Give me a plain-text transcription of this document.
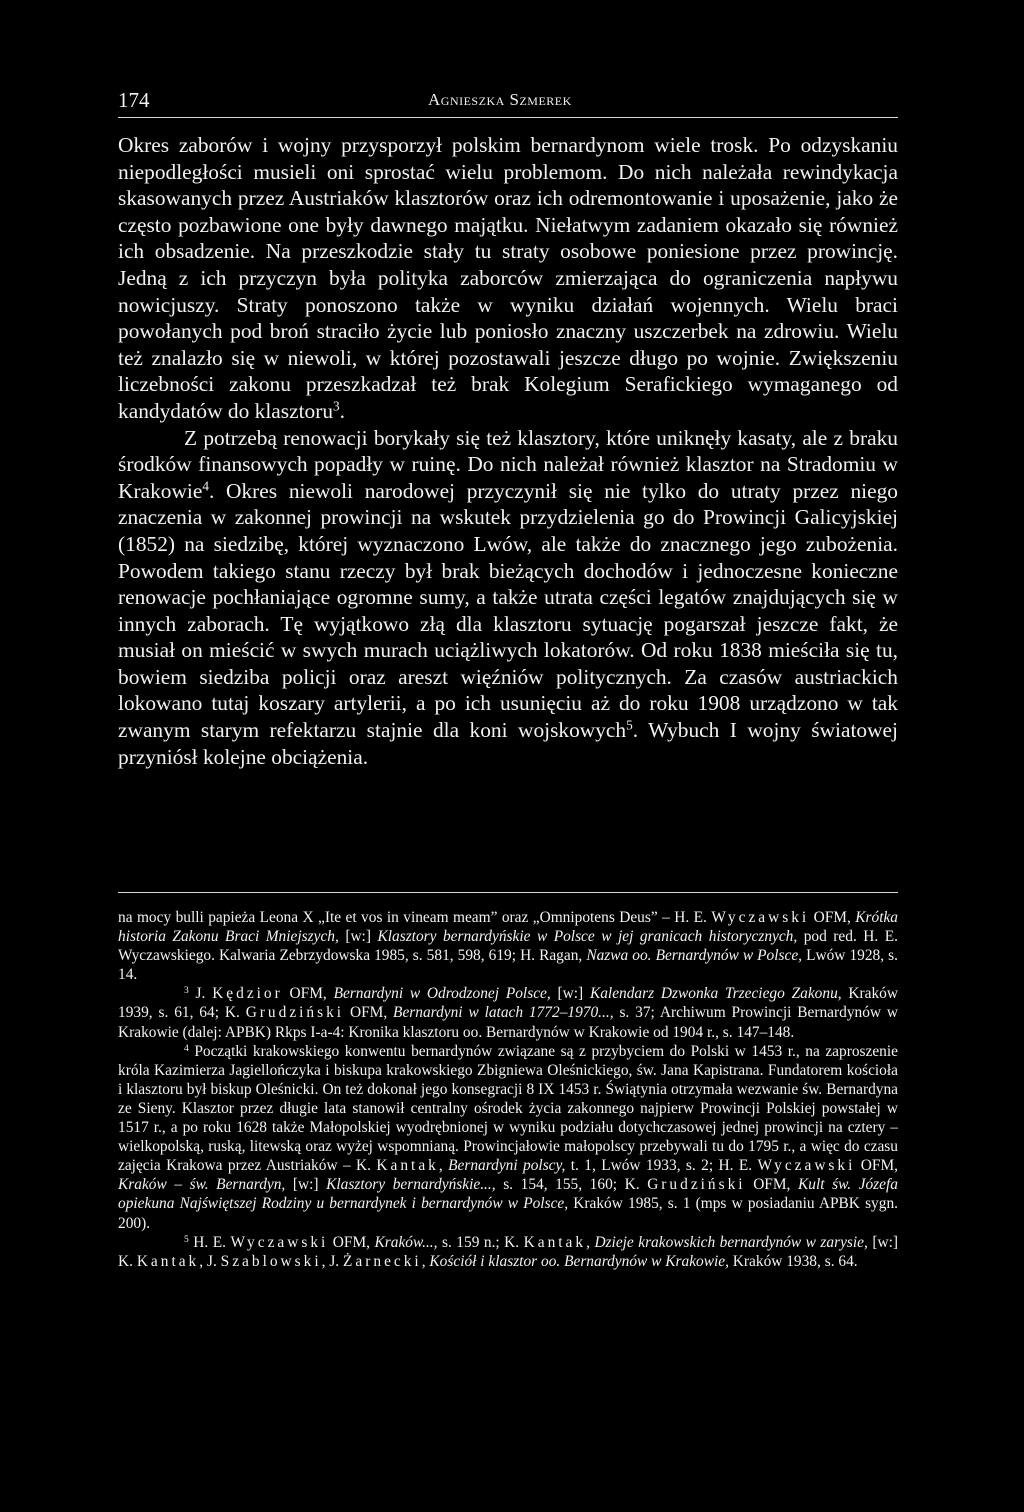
174	Agnieszka Szmerek

Okres zaborów i wojny przysporzył polskim bernardynom wiele trosk. Po odzyskaniu niepodległości musieli oni sprostać wielu problemom. Do nich należała rewindykacja skasowanych przez Austriaków klasztorów oraz ich odremontowanie i uposażenie, jako że często pozbawione one były dawnego majątku. Niełatwym zadaniem okazało się również ich obsadzenie. Na przeszkodzie stały tu straty osobowe poniesione przez prowincję. Jedną z ich przyczyn była polityka zaborców zmierzająca do ograniczenia napływu nowicjuszy. Straty ponoszono także w wyniku działań wojennych. Wielu braci powołanych pod broń straciło życie lub poniosło znaczny uszczerbek na zdrowiu. Wielu też znalazło się w niewoli, w której pozostawali jeszcze długo po wojnie. Zwiększeniu liczebności zakonu przeszkadzał też brak Kolegium Serafickiego wymaganego od kandydatów do klasztoru$^3$.

Z potrzebą renowacji borykały się też klasztory, które uniknęły kasaty, ale z braku środków finansowych popadły w ruinę. Do nich należał również klasztor na Stradomiu w Krakowie$^4$. Okres niewoli narodowej przyczynił się nie tylko do utraty przez niego znaczenia w zakonnej prowincji na wskutek przydzielenia go do Prowincji Galicyjskiej (1852) na siedzibę, której wyznaczono Lwów, ale także do znacznego jego zubożenia. Powodem takiego stanu rzeczy był brak bieżących dochodów i jednoczesne konieczne renowacje pochłaniające ogromne sumy, a także utrata części legatów znajdujących się w innych zaborach. Tę wyjątkowo złą dla klasztoru sytuację pogarszał jeszcze fakt, że musiał on mieścić w swych murach uciążliwych lokatorów. Od roku 1838 mieściła się tu, bowiem siedziba policji oraz areszt więźniów politycznych. Za czasów austriackich lokowano tutaj koszary artylerii, a po ich usunięciu aż do roku 1908 urządzono w tak zwanym starym refektarzu stajnie dla koni wojskowych$^5$. Wybuch I wojny światowej przyniósł kolejne obciążenia.

na mocy bulli papieża Leona X „Ite et vos in vineam meam” oraz „Omnipotens Deus” – H. E. Wyczawski OFM, Krótka historia Zakonu Braci Mniejszych, [w:] Klasztory bernardyńskie w Polsce w jej granicach historycznych, pod red. H. E. Wyczawskiego. Kalwaria Zebrzydowska 1985, s. 581, 598, 619; H. Ragan, Nazwa oo. Bernardynów w Polsce, Lwów 1928, s. 14.

$^3$ J. Kędzior OFM, Bernardyni w Odrodzonej Polsce, [w:] Kalendarz Dzwonka Trzeciego Zakonu, Kraków 1939, s. 61, 64; K. Grudziński OFM, Bernardyni w latach 1772–1970..., s. 37; Archiwum Prowincji Bernardynów w Krakowie (dalej: APBK) Rkps I-a-4: Kronika klasztoru oo. Bernardynów w Krakowie od 1904 r., s. 147–148.

$^4$ Początki krakowskiego konwentu bernardynów związane są z przybyciem do Polski w 1453 r., na zaproszenie króla Kazimierza Jagiellończyka i biskupa krakowskiego Zbigniewa Oleśnickiego, św. Jana Kapistrana. Fundatorem kościoła i klasztoru był biskup Oleśnicki. On też dokonał jego konsegracji 8 IX 1453 r. Świątynia otrzymała wezwanie św. Bernardyna ze Sieny. Klasztor przez długie lata stanowił centralny ośrodek życia zakonnego najpierw Prowincji Polskiej powstałej w 1517 r., a po roku 1628 także Małopolskiej wyodrębnionej w wyniku podziału dotychczasowej jednej prowincji na cztery – wielkopolską, ruską, litewską oraz wyżej wspomnianą. Prowincjałowie małopolscy przebywali tu do 1795 r., a więc do czasu zajęcia Krakowa przez Austriaków – K. Kantak, Bernardyni polscy, t. 1, Lwów 1933, s. 2; H. E. Wyczawski OFM, Kraków – św. Bernardyn, [w:] Klasztory bernardyńskie..., s. 154, 155, 160; K. Grudziński OFM, Kult św. Józefa opiekuna Najświętszej Rodziny u bernardynek i bernardynów w Polsce, Kraków 1985, s. 1 (mps w posiadaniu APBK sygn. 200).

$^5$ H. E. Wyczawski OFM, Kraków..., s. 159 n.; K. Kantak, Dzieje krakowskich bernardynów w zarysie, [w:] K. Kantak, J. Szablowski, J. Żarnecki, Kościół i klasztor oo. Bernardynów w Krakowie, Kraków 1938, s. 64.
